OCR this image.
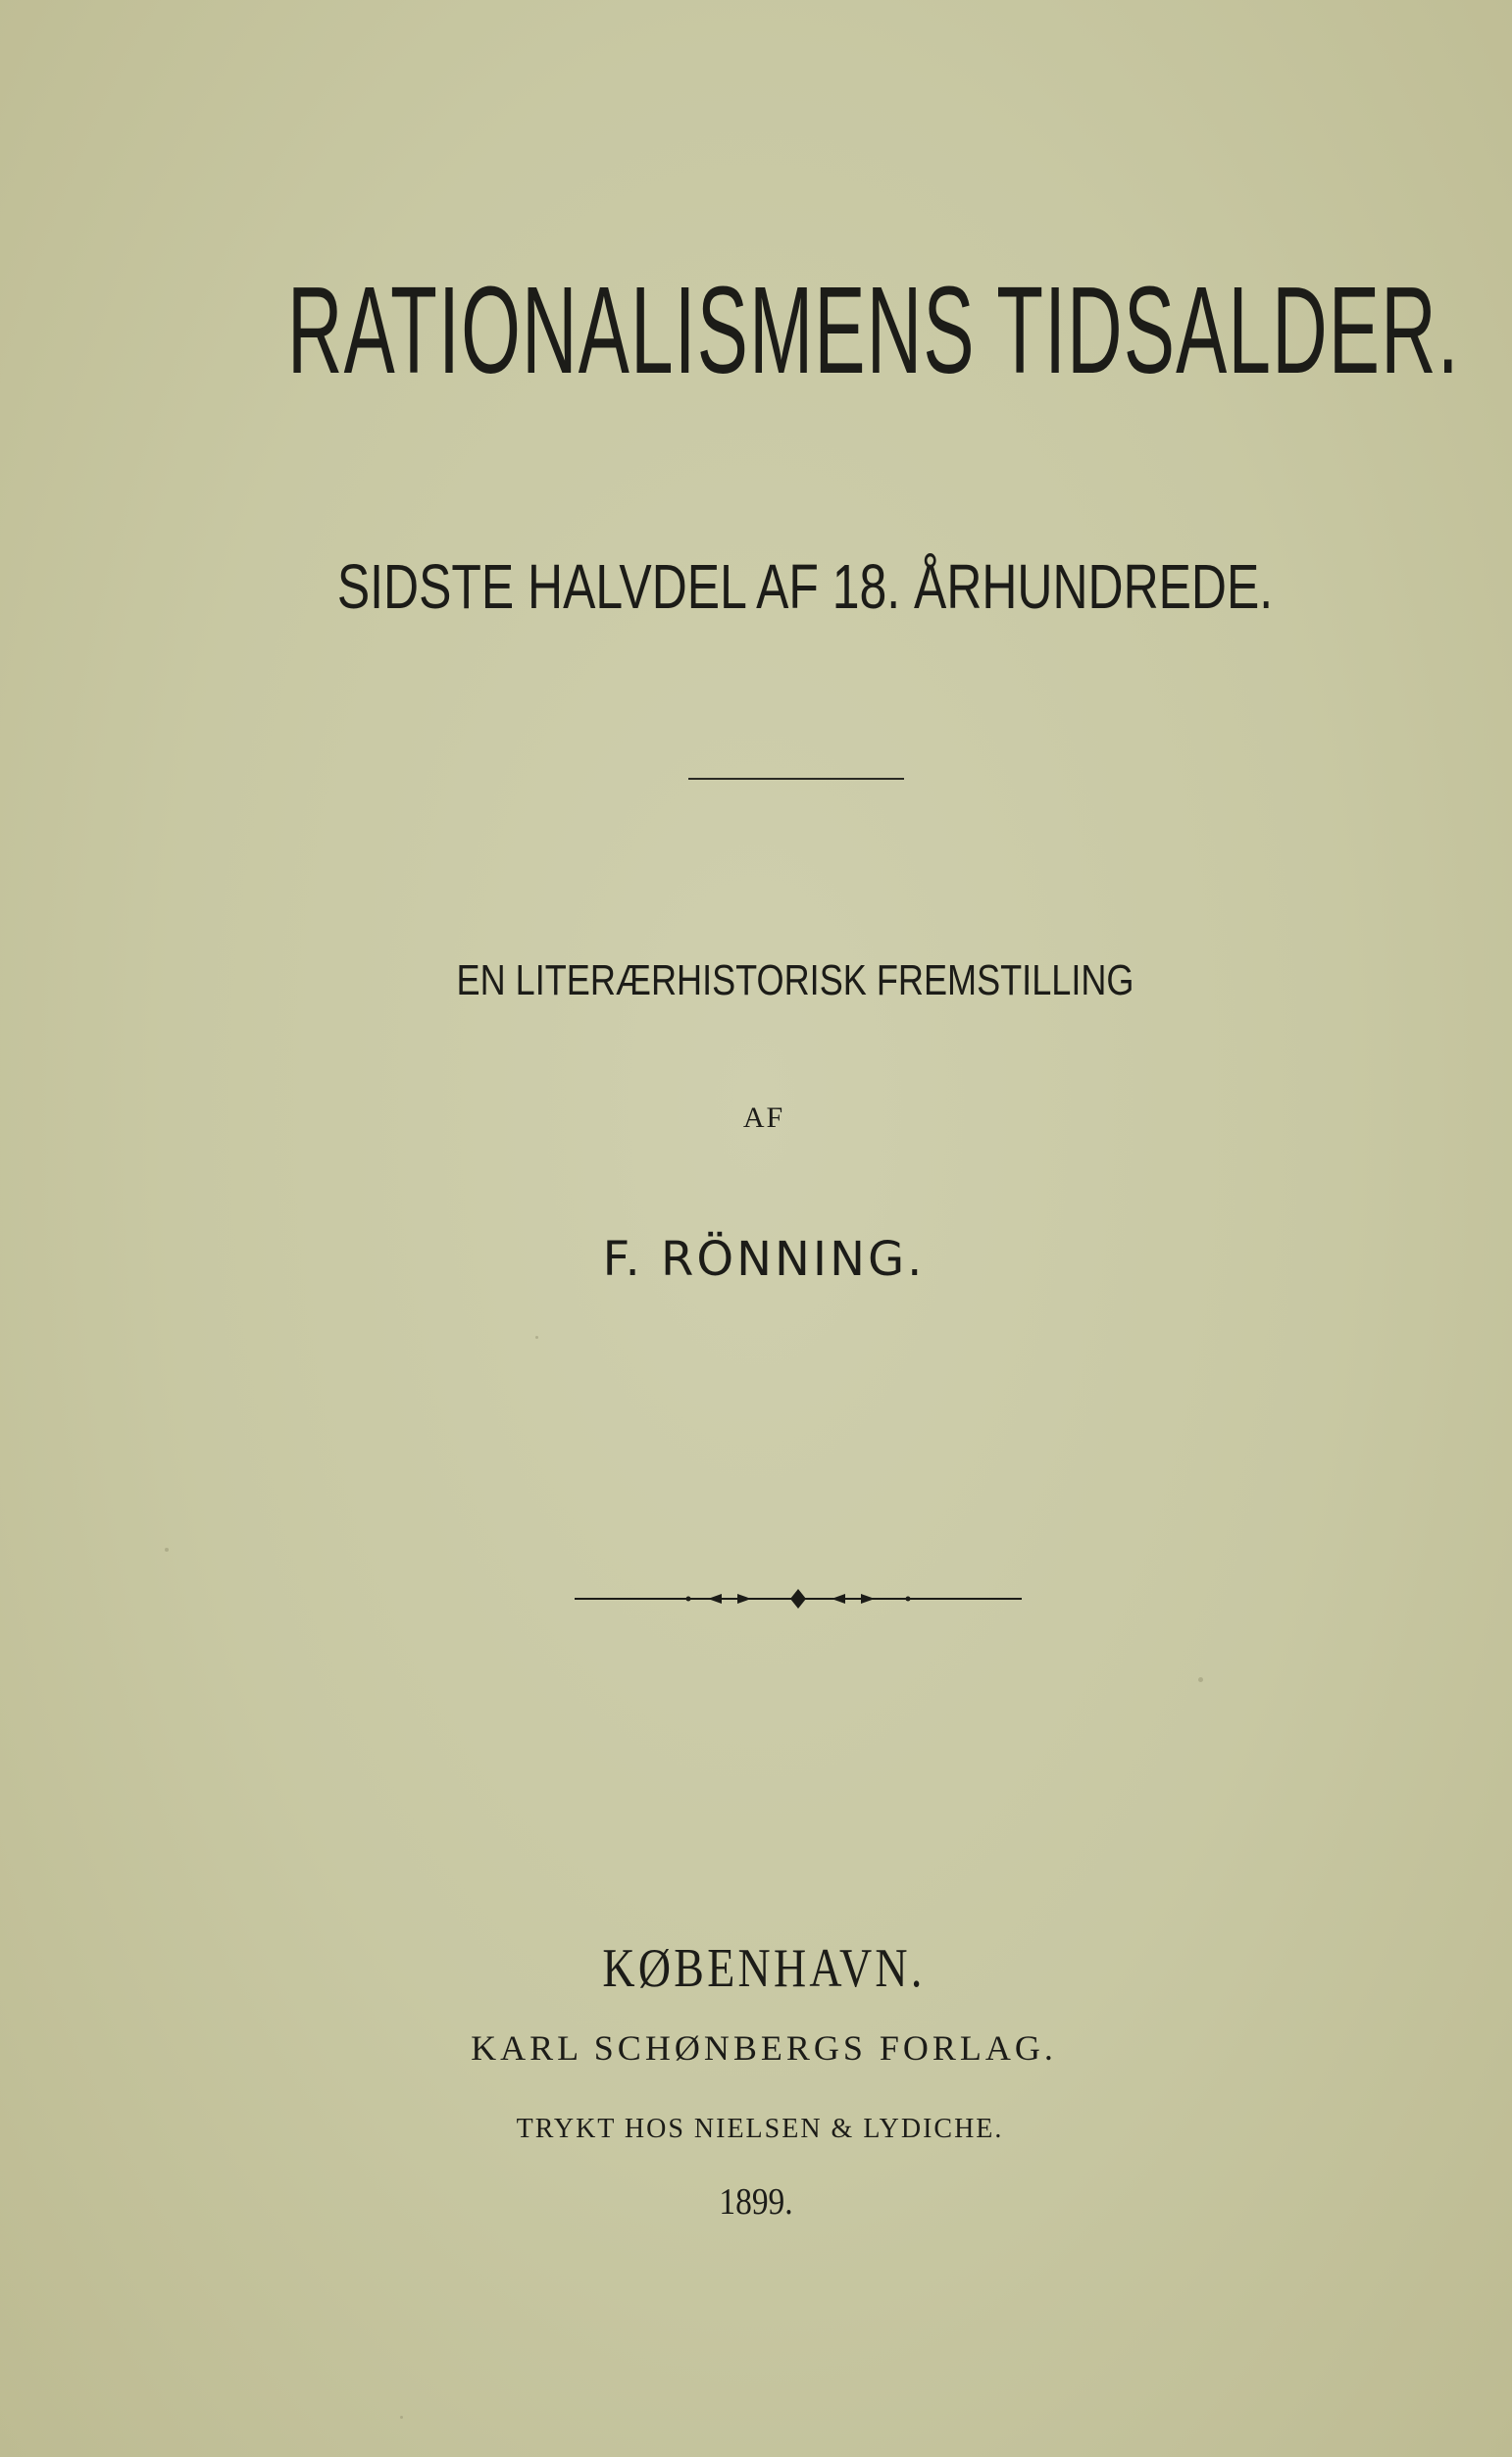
RATIONALISMENS TIDSALDER.
SIDSTE HALVDEL AF 18. ÅRHUNDREDE.
EN LITERÆRHISTORISK FREMSTILLING
AF
F. RÖNNING.
KØBENHAVN.
KARL SCHØNBERGS FORLAG.
TRYKT HOS NIELSEN & LYDICHE.
1899.
